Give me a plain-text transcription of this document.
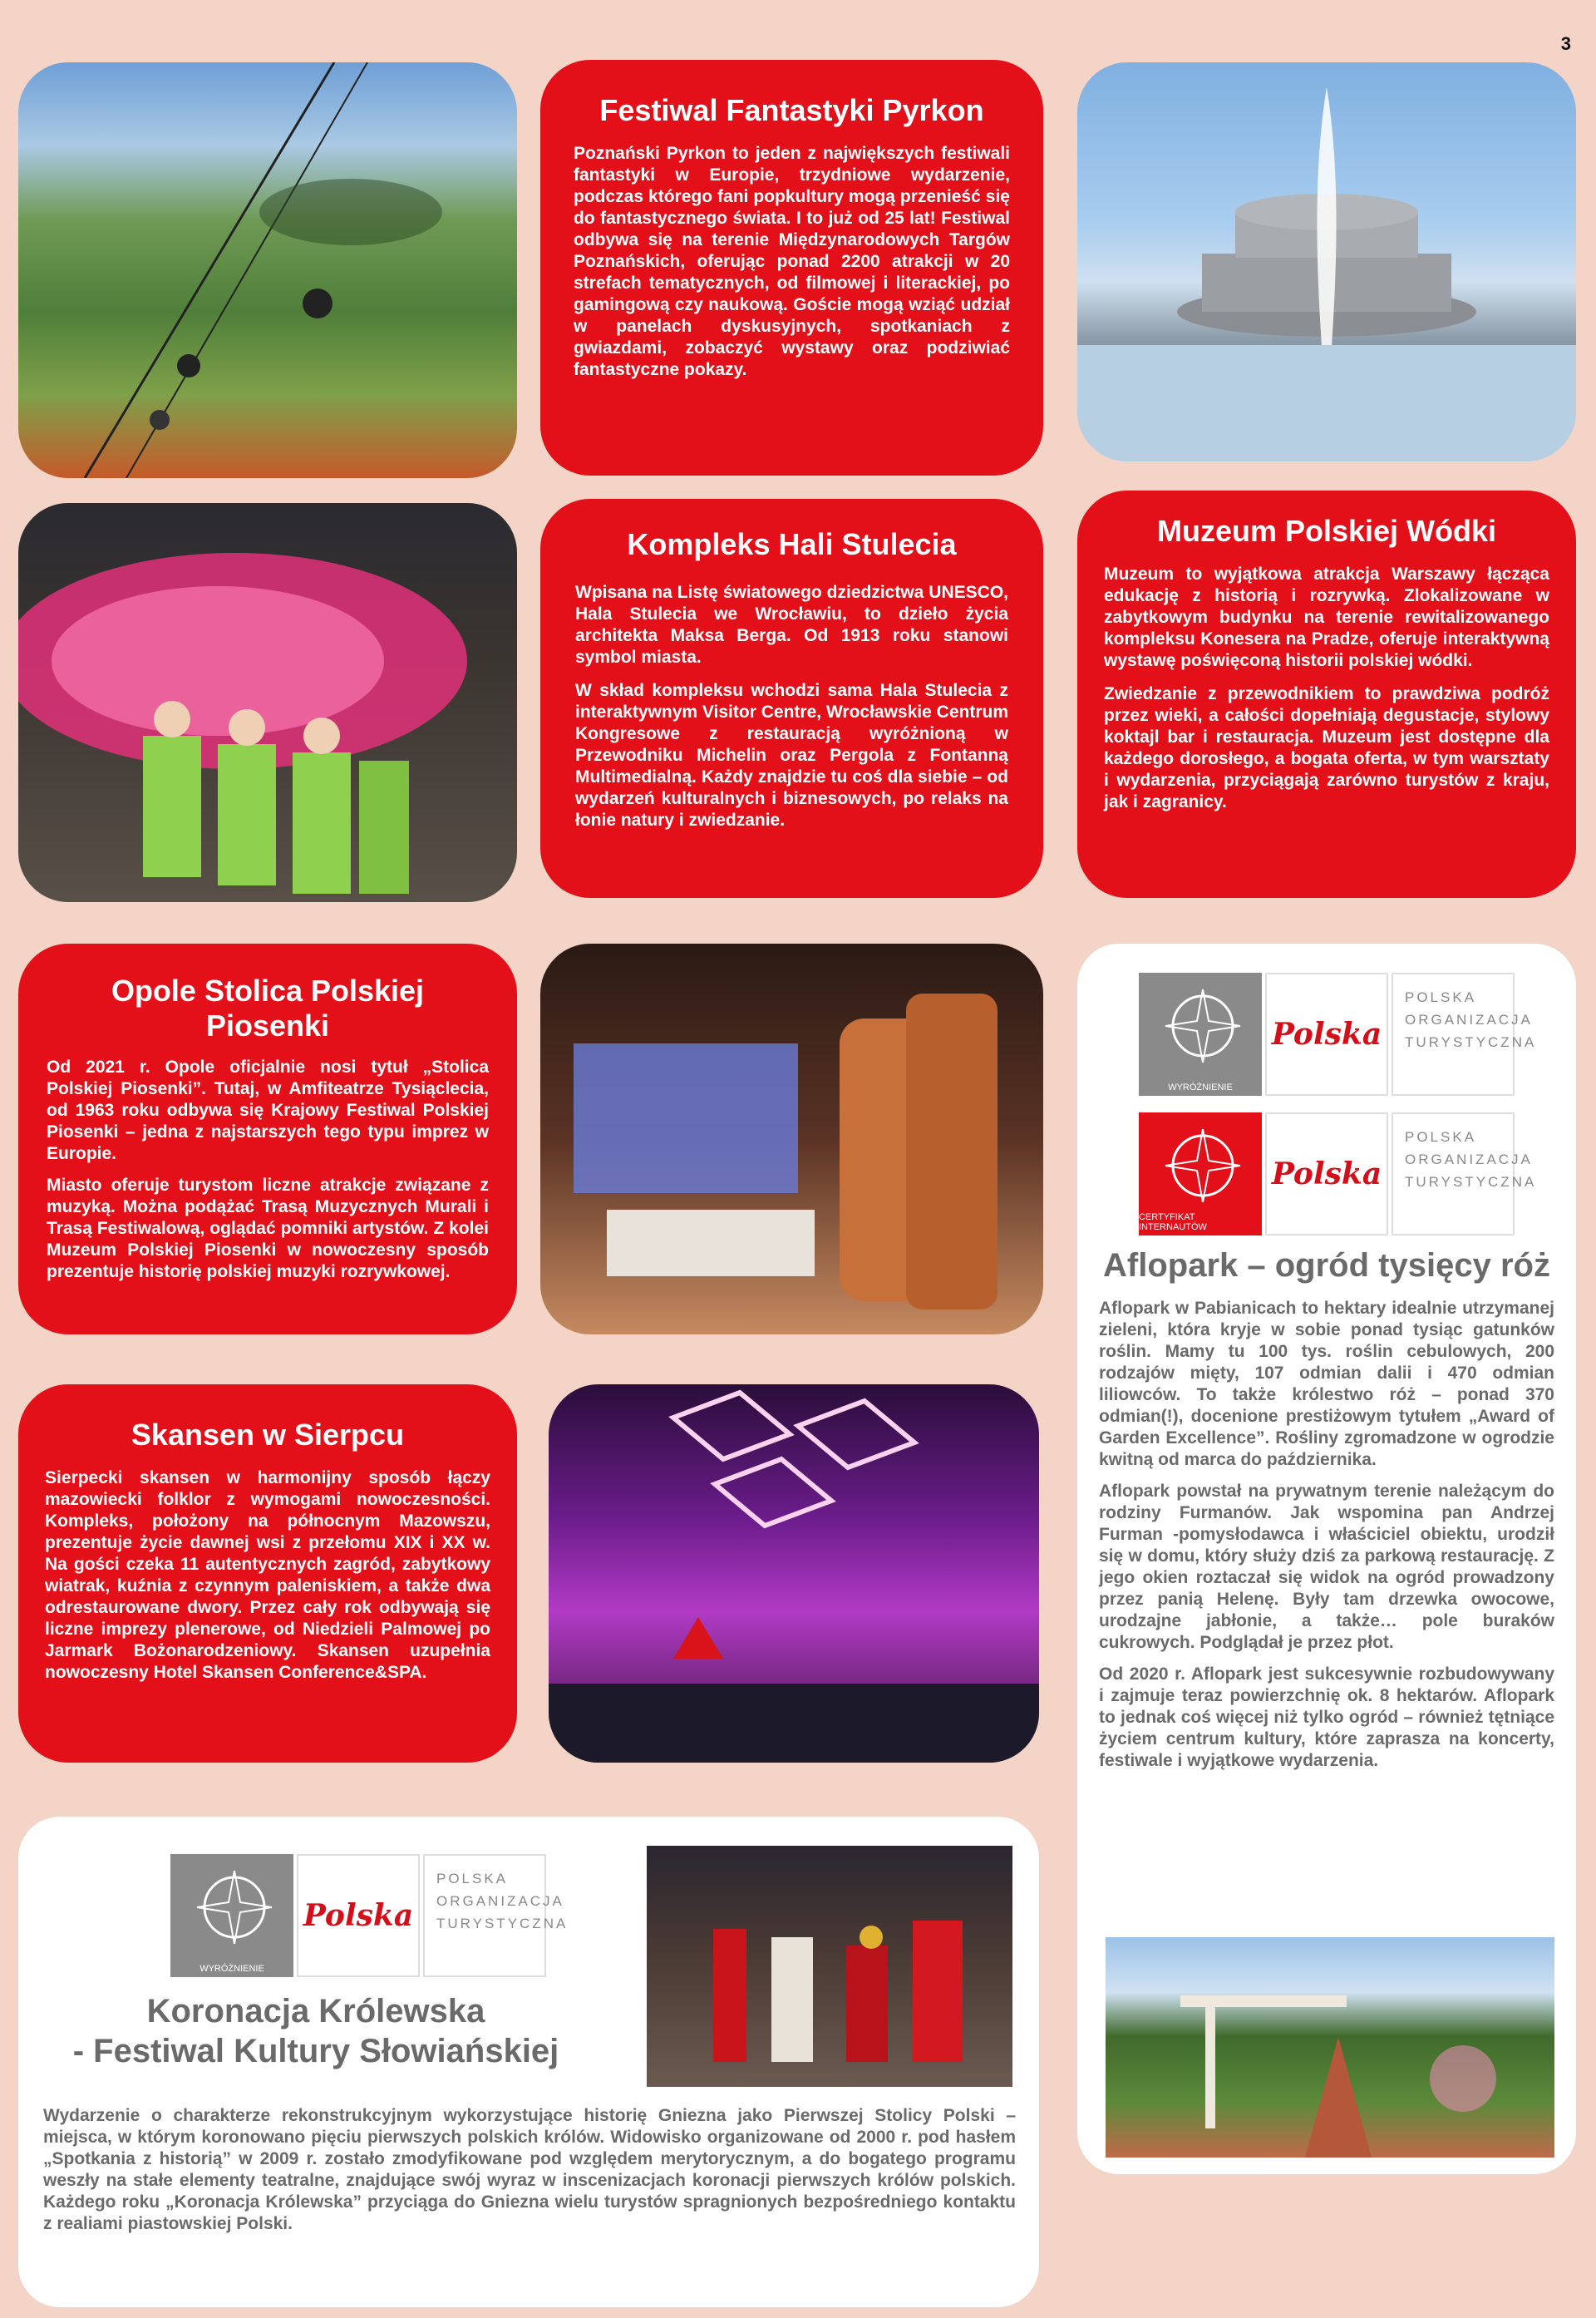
3
Festiwal Fantastyki Pyrkon

Poznański Pyrkon to jeden z największych festiwali fantastyki w Europie, trzydniowe wydarzenie, podczas którego fani popkultury mogą przenieść się do fantastycznego świata. I to już od 25 lat! Festiwal odbywa się na terenie Międzynarodowych Targów Poznańskich, oferując ponad 2200 atrakcji w 20 strefach tematycznych, od filmowej i literackiej, po gamingową czy naukową. Goście mogą wziąć udział w panelach dyskusyjnych, spotkaniach z gwiazdami, zobaczyć wystawy oraz podziwiać fantastyczne pokazy.

Kompleks Hali Stulecia

Wpisana na Listę światowego dziedzictwa UNESCO, Hala Stulecia we Wrocławiu, to dzieło życia architekta Maksa Berga. Od 1913 roku stanowi symbol miasta.

W skład kompleksu wchodzi sama Hala Stulecia z interaktywnym Visitor Centre, Wrocławskie Centrum Kongresowe z restauracją wyróżnioną w Przewodniku Michelin oraz Pergola z Fontanną Multimedialną. Każdy znajdzie tu coś dla siebie – od wydarzeń kulturalnych i biznesowych, po relaks na łonie natury i zwiedzanie.

Muzeum Polskiej Wódki

Muzeum to wyjątkowa atrakcja Warszawy łącząca edukację z historią i rozrywką. Zlokalizowane w zabytkowym budynku na terenie rewitalizowanego kompleksu Konesera na Pradze, oferuje interaktywną wystawę poświęconą historii polskiej wódki.

Zwiedzanie z przewodnikiem to prawdziwa podróż przez wieki, a całości dopełniają degustacje, stylowy koktajl bar i restauracja. Muzeum jest dostępne dla każdego dorosłego, a bogata oferta, w tym warsztaty i wydarzenia, przyciągają zarówno turystów z kraju, jak i zagranicy.

Opole Stolica Polskiej Piosenki

Od 2021 r. Opole oficjalnie nosi tytuł „Stolica Polskiej Piosenki”. Tutaj, w Amfiteatrze Tysiąclecia, od 1963 roku odbywa się Krajowy Festiwal Polskiej Piosenki – jedna z najstarszych tego typu imprez w Europie.

Miasto oferuje turystom liczne atrakcje związane z muzyką. Można podążać Trasą Muzycznych Murali i Trasą Festiwalową, oglądać pomniki artystów. Z kolei Muzeum Polskiej Piosenki w nowoczesny sposób prezentuje historię polskiej muzyki rozrywkowej.

2025
WYRÓŻNIENIE
Polska
POLSKA
ORGANIZACJA
TURYSTYCZNA
2025
CERTYFIKAT INTERNAUTÓW
Polska
POLSKA
ORGANIZACJA
TURYSTYCZNA
Aflopark – ogród tysięcy róż

Aflopark w Pabianicach to hektary idealnie utrzymanej zieleni, która kryje w sobie ponad tysiąc gatunków roślin. Mamy tu 100 tys. roślin cebulowych, 200 rodzajów mięty, 107 odmian dalii i 470 odmian liliowców. To także królestwo róż – ponad 370 odmian(!), docenione prestiżowym tytułem „Award of Garden Excellence”. Rośliny zgromadzone w ogrodzie kwitną od marca do października.

Aflopark powstał na prywatnym terenie należącym do rodziny Furmanów. Jak wspomina pan Andrzej Furman -pomysłodawca i właściciel obiektu, urodził się w domu, który służy dziś za parkową restaurację. Z jego okien roztaczał się widok na ogród prowadzony przez panią Helenę. Były tam drzewka owocowe, urodzajne jabłonie, a także… pole buraków cukrowych. Podglądał je przez płot.

Od 2020 r. Aflopark jest sukcesywnie rozbudowywany i zajmuje teraz powierzchnię ok. 8 hektarów. Aflopark to jednak coś więcej niż tylko ogród – również tętniące życiem centrum kultury, które zaprasza na koncerty, festiwale i wyjątkowe wydarzenia.

Skansen w Sierpcu

Sierpecki skansen w harmonijny sposób łączy mazowiecki folklor z wymogami nowoczesności. Kompleks, położony na północnym Mazowszu, prezentuje życie dawnej wsi z przełomu XIX i XX w. Na gości czeka 11 autentycznych zagród, zabytkowy wiatrak, kuźnia z czynnym paleniskiem, a także dwa odrestaurowane dwory. Przez cały rok odbywają się liczne imprezy plenerowe, od Niedzieli Palmowej po Jarmark Bożonarodzeniowy. Skansen uzupełnia nowoczesny Hotel Skansen Conference&SPA.

2025
WYRÓŻNIENIE
Polska
POLSKA
ORGANIZACJA
TURYSTYCZNA
Koronacja Królewska
- Festiwal Kultury Słowiańskiej

Wydarzenie o charakterze rekonstrukcyjnym wykorzystujące historię Gniezna jako Pierwszej Stolicy Polski – miejsca, w którym koronowano pięciu pierwszych polskich królów. Widowisko organizowane od 2000 r. pod hasłem „Spotkania z historią” w 2009 r. zostało zmodyfikowane pod względem merytorycznym, a do bogatego programu weszły na stałe elementy teatralne, znajdujące swój wyraz w inscenizacjach koronacji pierwszych królów polskich. Każdego roku „Koronacja Królewska” przyciąga do Gniezna wielu turystów spragnionych bezpośredniego kontaktu z realiami piastowskiej Polski.
